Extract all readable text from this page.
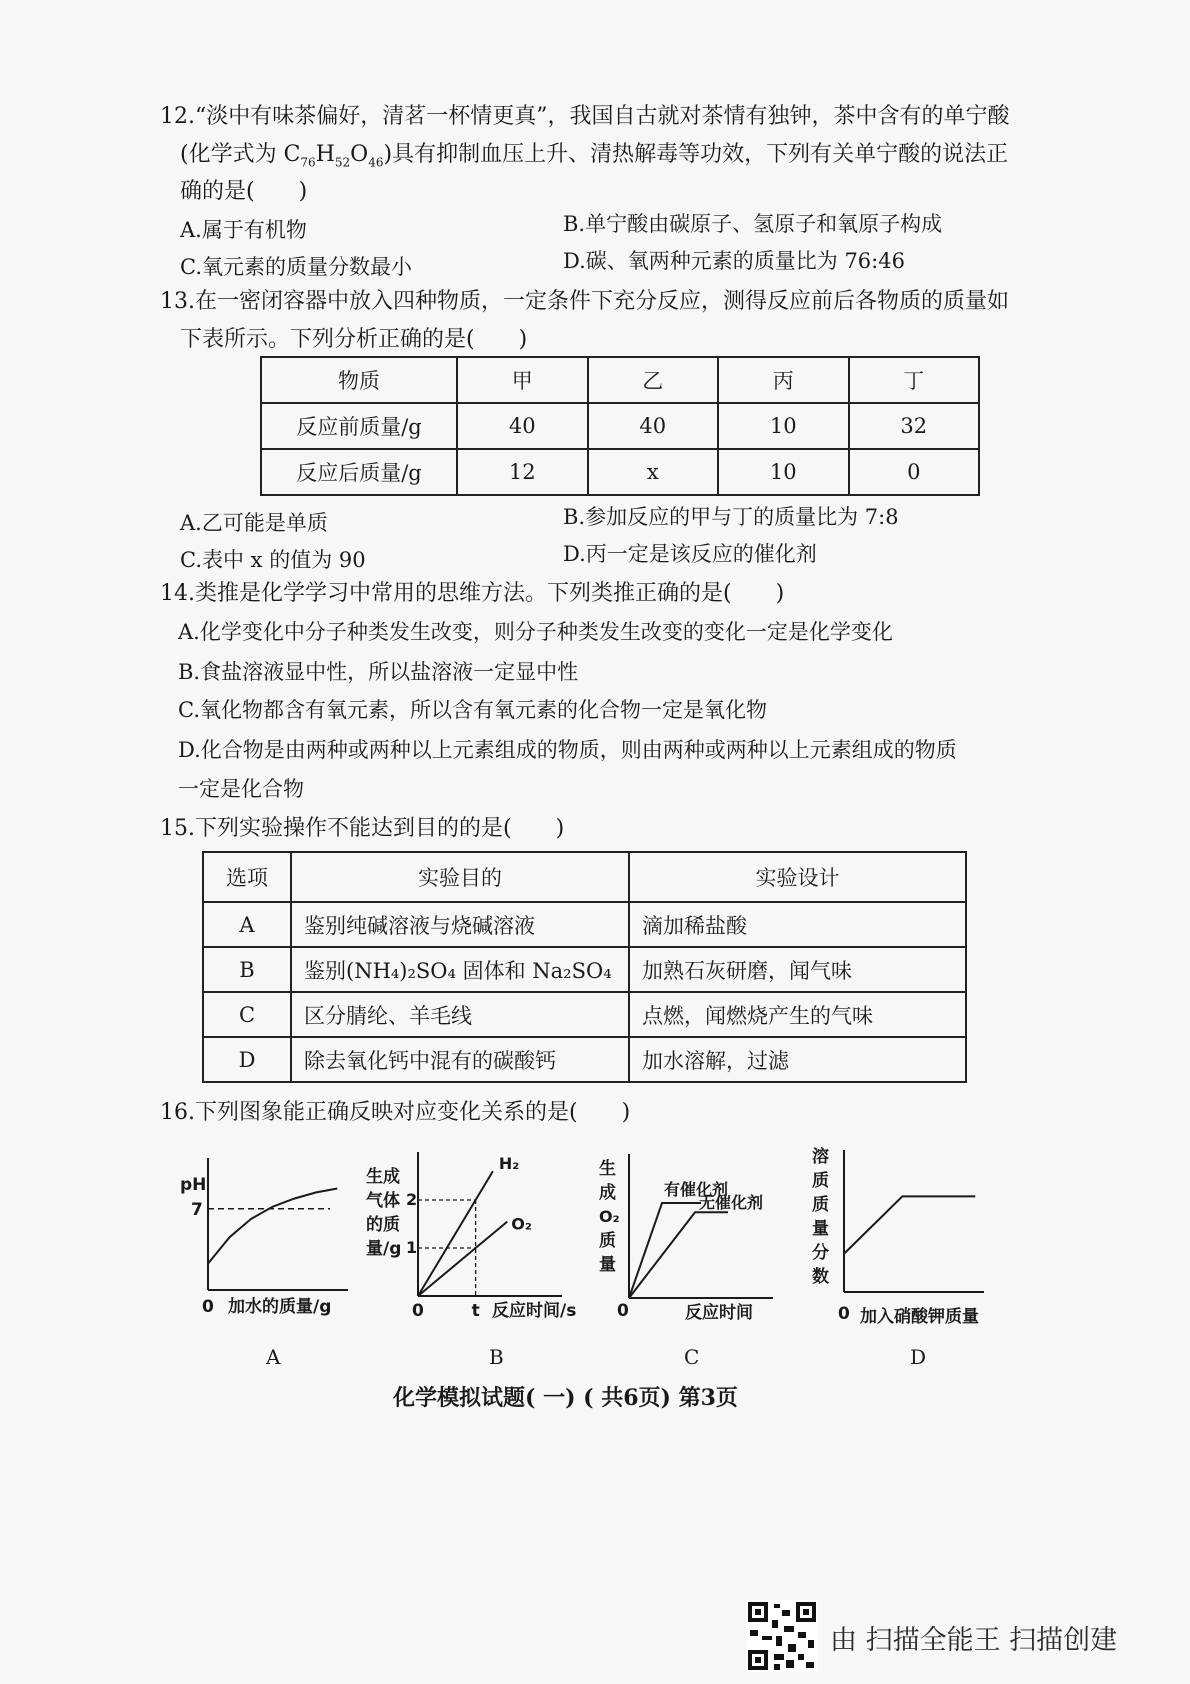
12.“淡中有味茶偏好，清茗一杯情更真”，我国自古就对茶情有独钟，茶中含有的单宁酸
(化学式为 $C_{76}H_{52}O_{46}$)具有抑制血压上升、清热解毒等功效，下列有关单宁酸的说法正
确的是(　　)
A.属于有机物	B.单宁酸由碳原子、氢原子和氧原子构成
C.氧元素的质量分数最小	D.碳、氧两种元素的质量比为 76:46
13.在一密闭容器中放入四种物质，一定条件下充分反应，测得反应前后各物质的质量如
下表所示。下列分析正确的是(　　)
物质	甲	乙	丙	丁
反应前质量/g	40	40	10	32
反应后质量/g	12	x	10	0
A.乙可能是单质	B.参加反应的甲与丁的质量比为 7:8
C.表中 x 的值为 90	D.丙一定是该反应的催化剂
14.类推是化学学习中常用的思维方法。下列类推正确的是(　　)
A.化学变化中分子种类发生改变，则分子种类发生改变的变化一定是化学变化
B.食盐溶液显中性，所以盐溶液一定显中性
C.氧化物都含有氧元素，所以含有氧元素的化合物一定是氧化物
D.化合物是由两种或两种以上元素组成的物质，则由两种或两种以上元素组成的物质
一定是化合物
15.下列实验操作不能达到目的的是(　　)
选项	实验目的	实验设计
A	鉴别纯碱溶液与烧碱溶液	滴加稀盐酸
B	鉴别(NH₄)₂SO₄ 固体和 Na₂SO₄	加熟石灰研磨，闻气味
C	区分腈纶、羊毛线	点燃，闻燃烧产生的气味
D	除去氧化钙中混有的碳酸钙	加水溶解，过滤
16.下列图象能正确反映对应变化关系的是(　　)
pH
7
0 加水的质量/g
A
生成
气体
的质
量/g
2
1
H₂
O₂
0	t 反应时间/s
B
生
成
O₂
质
量
有催化剂
无催化剂
0	反应时间
C
溶
质
质
量
分
数
0 加入硝酸钾质量
D
化学模拟试题( 一) ( 共6页) 第3页
由 扫描全能王 扫描创建
